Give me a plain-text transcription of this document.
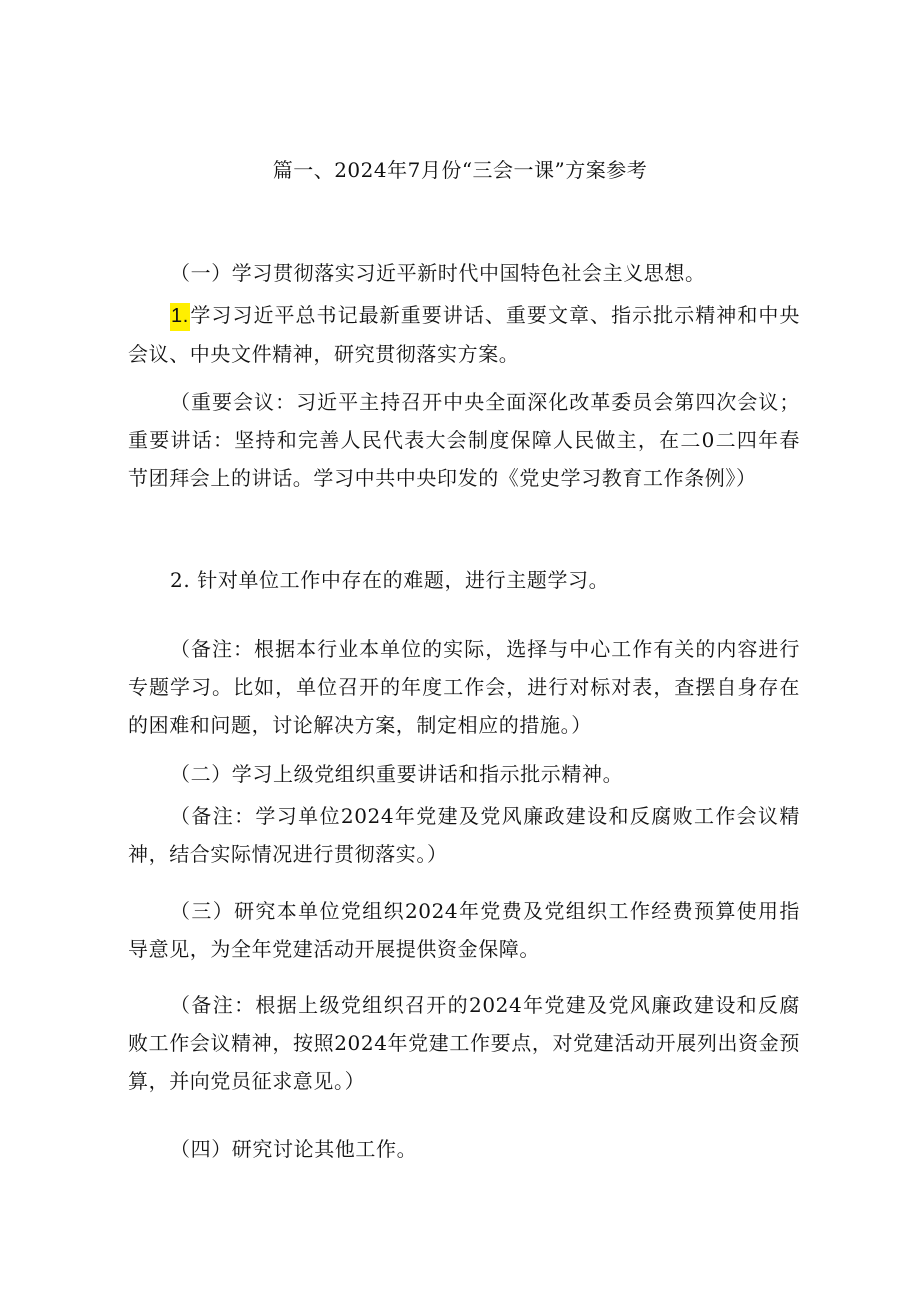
篇一、2024年7月份“三会一课”方案参考

（一）学习贯彻落实习近平新时代中国特色社会主义思想。

1.学习习近平总书记最新重要讲话、重要文章、指示批示精神和中央会议、中央文件精神，研究贯彻落实方案。

（重要会议：习近平主持召开中央全面深化改革委员会第四次会议；重要讲话：坚持和完善人民代表大会制度保障人民做主，在二0二四年春节团拜会上的讲话。学习中共中央印发的《党史学习教育工作条例》）

2. 针对单位工作中存在的难题，进行主题学习。

（备注：根据本行业本单位的实际，选择与中心工作有关的内容进行专题学习。比如，单位召开的年度工作会，进行对标对表，查摆自身存在的困难和问题，讨论解决方案，制定相应的措施。）

（二）学习上级党组织重要讲话和指示批示精神。

（备注：学习单位2024年党建及党风廉政建设和反腐败工作会议精神，结合实际情况进行贯彻落实。）

（三）研究本单位党组织2024年党费及党组织工作经费预算使用指导意见，为全年党建活动开展提供资金保障。

（备注：根据上级党组织召开的2024年党建及党风廉政建设和反腐败工作会议精神，按照2024年党建工作要点，对党建活动开展列出资金预算，并向党员征求意见。）

（四）研究讨论其他工作。
